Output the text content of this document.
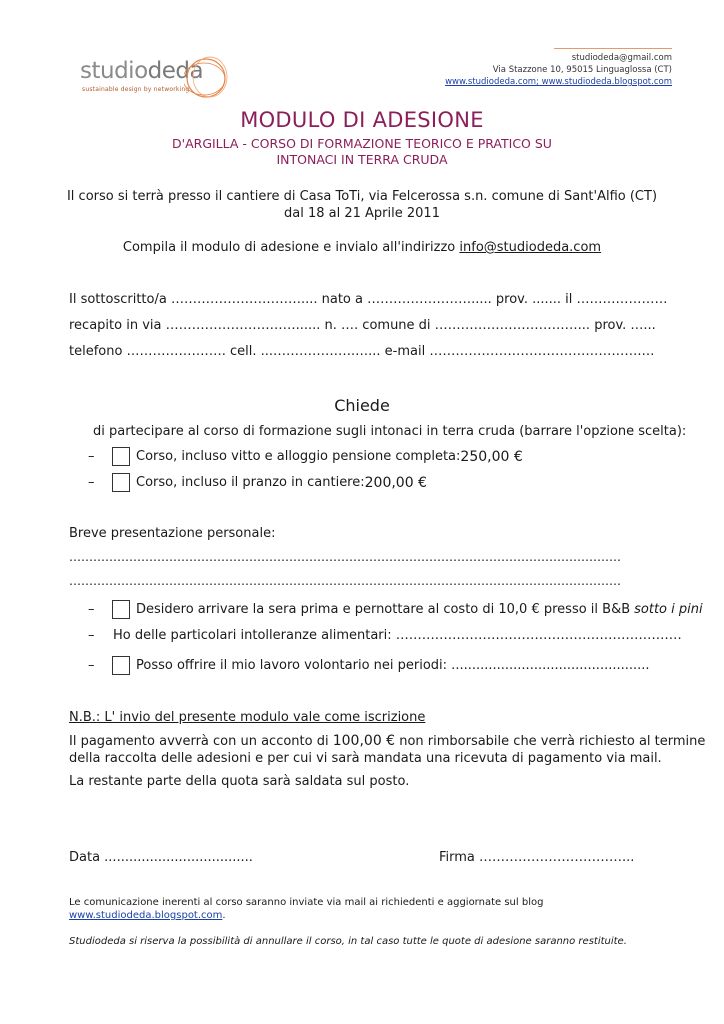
studiodeda
sustainable design by networking
studiodeda@gmail.com
Via Stazzone 10, 95015 Linguaglossa (CT)
www.studiodeda.com; www.studiodeda.blogspot.com
MODULO DI ADESIONE
D'ARGILLA - CORSO DI FORMAZIONE TEORICO E PRATICO SU
INTONACI IN TERRA CRUDA
Il corso si terrà presso il cantiere di Casa ToTi, via Felcerossa s.n. comune di Sant'Alfio (CT)
dal 18 al 21 Aprile 2011
Compila il modulo di adesione e invialo all'indirizzo info@studiodeda.com
Il sottoscritto/a ………………………….... nato a ……………………..... prov. ....... il …………………
recapito in via …………………………...... n. …. comune di ……………………………... prov. …...
telefono ……………….…. cell. ...……………….…... e-mail ………………………………………….…
Chiede
di partecipare al corso di formazione sugli intonaci in terra cruda (barrare l'opzione scelta):
–	Corso, incluso vitto e alloggio pensione completa: 250,00 €
–	Corso, incluso il pranzo in cantiere: 200,00 €
Breve presentazione personale:
…………………………………………………………………………………………………………………………
…………………………………………………………………………………………………………………………
–	Desidero arrivare la sera prima e pernottare al costo di 10,0 € presso il B&B sotto i pini
–	Ho delle particolari intolleranze alimentari: …………………………………………………………
–	Posso offrire il mio lavoro volontario nei periodi: ................................................
N.B.: L' invio del presente modulo vale come iscrizione
Il pagamento avverrà con un acconto di 100,00 € non rimborsabile che verrà richiesto al termine
della raccolta delle adesioni e per cui vi sarà mandata una ricevuta di pagamento via mail.
La restante parte della quota sarà saldata sul posto.
Data ....................................	Firma ……………………………...
Le comunicazione inerenti al corso saranno inviate via mail ai richiedenti e aggiornate sul blog
www.studiodeda.blogspot.com.
Studiodeda si riserva la possibilità di annullare il corso, in tal caso tutte le quote di adesione saranno restituite.
